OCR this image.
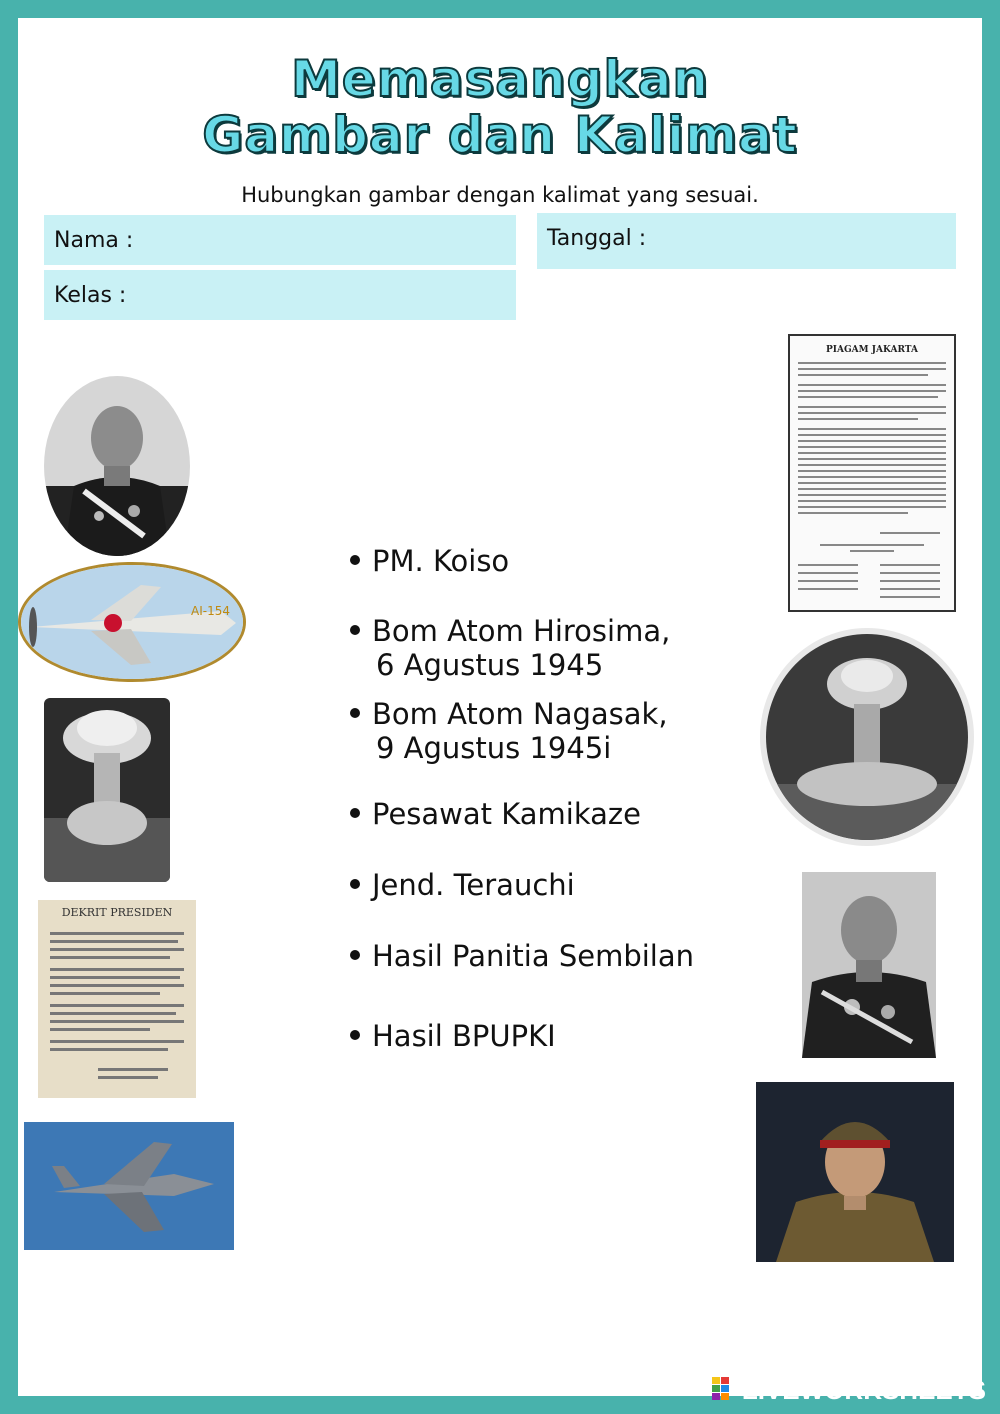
Memasangkan
Gambar dan Kalimat
Hubungkan gambar dengan kalimat yang sesuai.
Nama :
Kelas :
Tanggal :
AI-154
DEKRIT PRESIDEN
PIAGAM JAKARTA
PM. Koiso
Bom Atom Hirosima,
6 Agustus 1945
Bom Atom Nagasak,
9 Agustus 1945i
Pesawat Kamikaze
Jend. Terauchi
Hasil Panitia Sembilan
Hasil BPUPKI
LIVEWORKSHEETS
